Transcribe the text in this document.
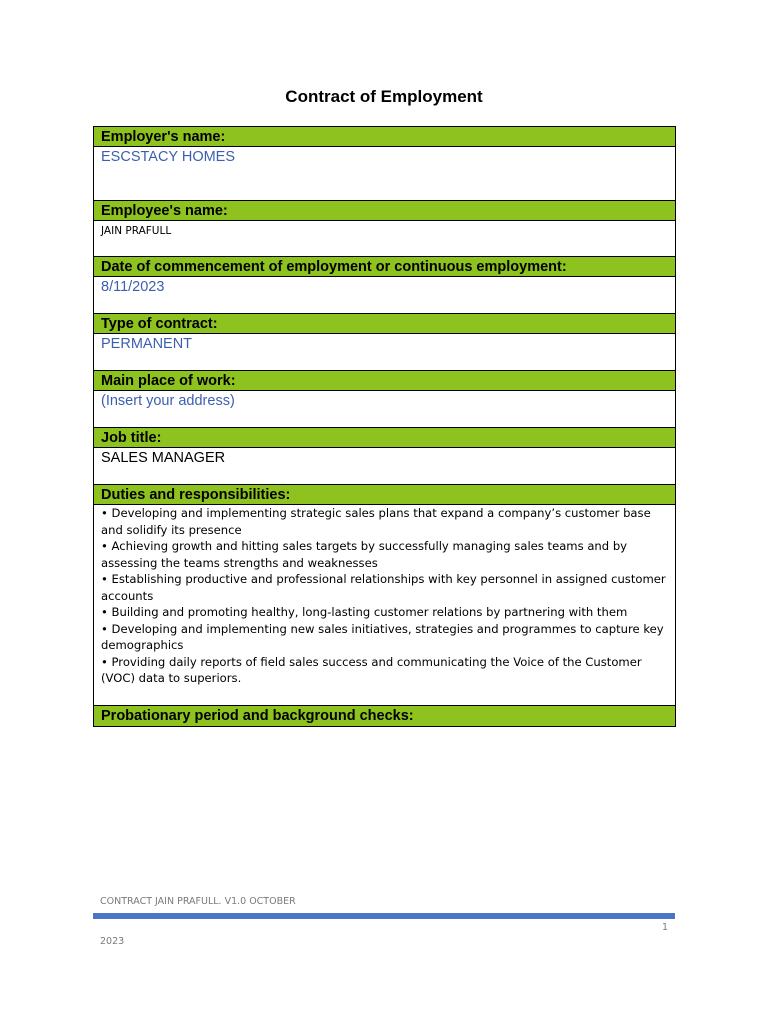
Contract of Employment
Employer's name:
ESCSTACY HOMES
Employee's name:
JAIN PRAFULL
Date of commencement of employment or continuous employment:
8/11/2023
Type of contract:
PERMANENT
Main place of work:
(Insert your address)
Job title:
SALES MANAGER
Duties and responsibilities:
• Developing and implementing strategic sales plans that expand a company’s customer base and solidify its presence
• Achieving growth and hitting sales targets by successfully managing sales teams and by assessing the teams strengths and weaknesses
• Establishing productive and professional relationships with key personnel in assigned customer accounts
• Building and promoting healthy, long-lasting customer relations by partnering with them
• Developing and implementing new sales initiatives, strategies and programmes to capture key demographics
• Providing daily reports of field sales success and communicating the Voice of the Customer (VOC) data to superiors.
Probationary period and background checks:
CONTRACT JAIN PRAFULL. V1.0 OCTOBER
1
2023
